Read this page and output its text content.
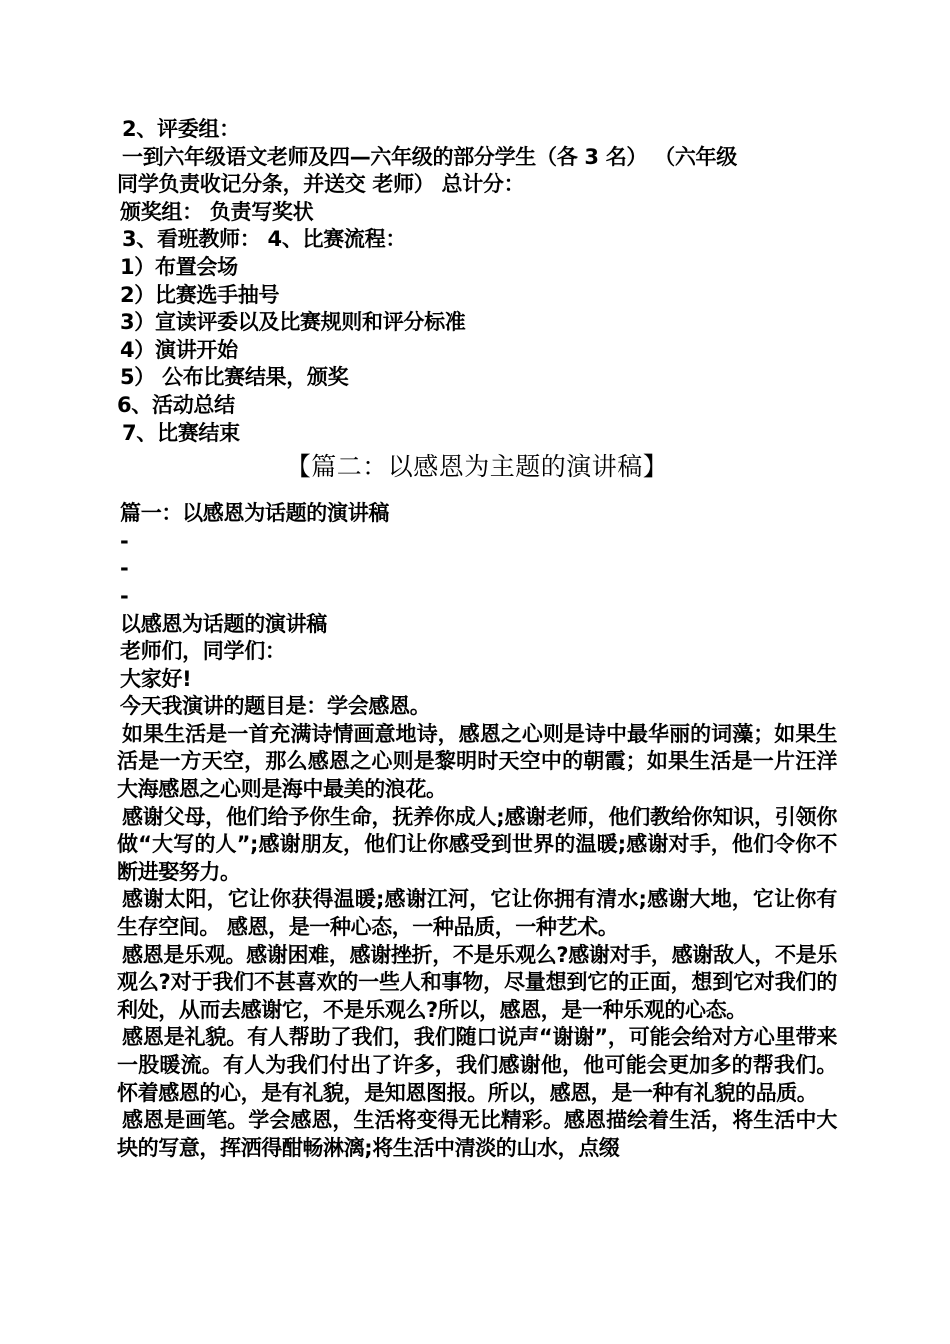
2、评委组：
一到六年级语文老师及四—六年级的部分学生（各 3 名） （六年级
同学负责收记分条，并送交 老师） 总计分：
颁奖组： 负责写奖状
3、看班教师： 4、比赛流程：
1）布置会场
2）比赛选手抽号
3）宣读评委以及比赛规则和评分标准
4）演讲开始
5） 公布比赛结果，颁奖
6、活动总结
7、比赛结束
【篇二：以感恩为主题的演讲稿】
篇一：以感恩为话题的演讲稿
-
-
-
以感恩为话题的演讲稿
老师们，同学们：
大家好!
今天我演讲的题目是：学会感恩。
如果生活是一首充满诗情画意地诗，感恩之心则是诗中最华丽的词藻；如果生活是一方天空，那么感恩之心则是黎明时天空中的朝霞；如果生活是一片汪洋大海感恩之心则是海中最美的浪花。
感谢父母，他们给予你生命，抚养你成人;感谢老师，他们教给你知识，引领你做“大写的人”;感谢朋友，他们让你感受到世界的温暖;感谢对手，他们令你不断进娶努力。
感谢太阳，它让你获得温暖;感谢江河，它让你拥有清水;感谢大地，它让你有生存空间。 感恩，是一种心态，一种品质，一种艺术。
感恩是乐观。感谢困难，感谢挫折，不是乐观么?感谢对手，感谢敌人，不是乐观么?对于我们不甚喜欢的一些人和事物，尽量想到它的正面，想到它对我们的利处，从而去感谢它，不是乐观么?所以，感恩，是一种乐观的心态。
感恩是礼貌。有人帮助了我们，我们随口说声“谢谢”，可能会给对方心里带来一股暖流。有人为我们付出了许多，我们感谢他，他可能会更加多的帮我们。怀着感恩的心，是有礼貌，是知恩图报。所以，感恩，是一种有礼貌的品质。
感恩是画笔。学会感恩，生活将变得无比精彩。感恩描绘着生活，将生活中大块的写意，挥洒得酣畅淋漓;将生活中清淡的山水，点缀
